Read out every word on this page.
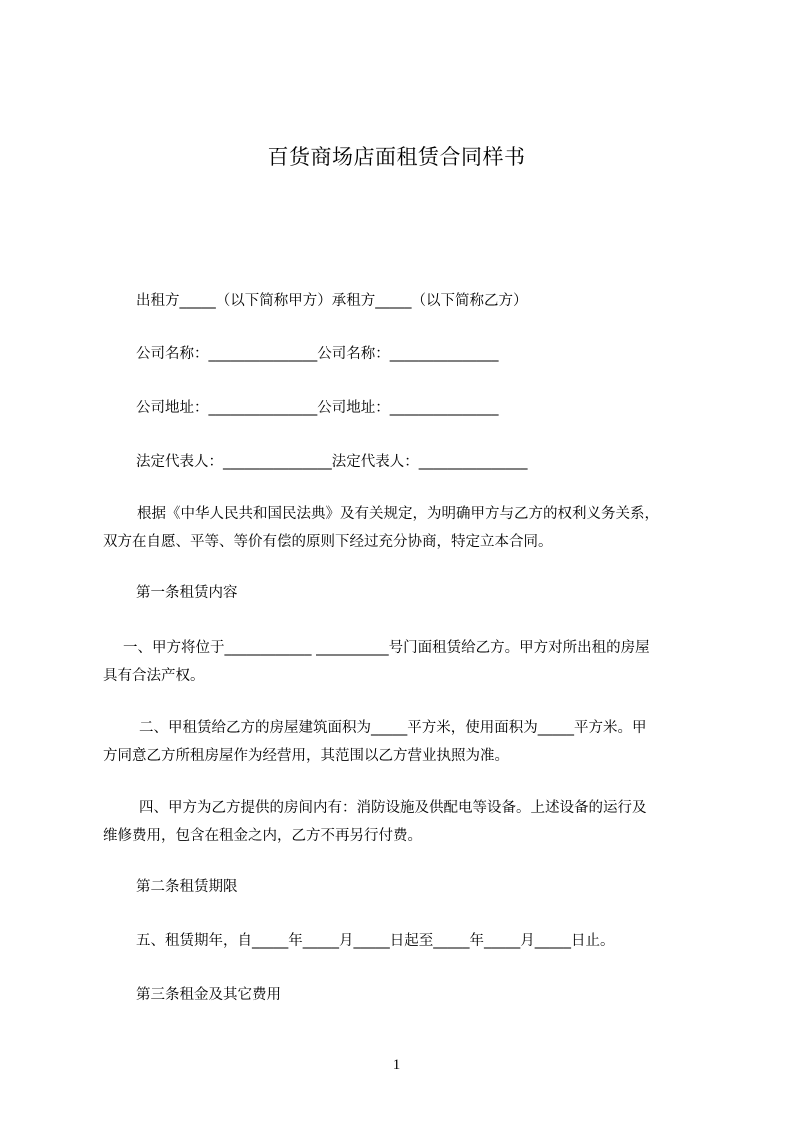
百货商场店面租赁合同样书
出租方_____（以下简称甲方）承租方_____（以下简称乙方）
公司名称：_______________公司名称：_______________
公司地址：_______________公司地址：_______________
法定代表人：_______________法定代表人：_______________
根据《中华人民共和国民法典》及有关规定，为明确甲方与乙方的权利义务关系，
双方在自愿、平等、等价有偿的原则下经过充分协商，特定立本合同。
第一条租赁内容
一、甲方将位于____________ __________号门面租赁给乙方。甲方对所出租的房屋
具有合法产权。
二、甲租赁给乙方的房屋建筑面积为_____平方米，使用面积为_____平方米。甲
方同意乙方所租房屋作为经营用，其范围以乙方营业执照为准。
四、甲方为乙方提供的房间内有：消防设施及供配电等设备。上述设备的运行及
维修费用，包含在租金之内，乙方不再另行付费。
第二条租赁期限
五、租赁期年，自_____年_____月_____日起至_____年_____月_____日止。
第三条租金及其它费用
1
